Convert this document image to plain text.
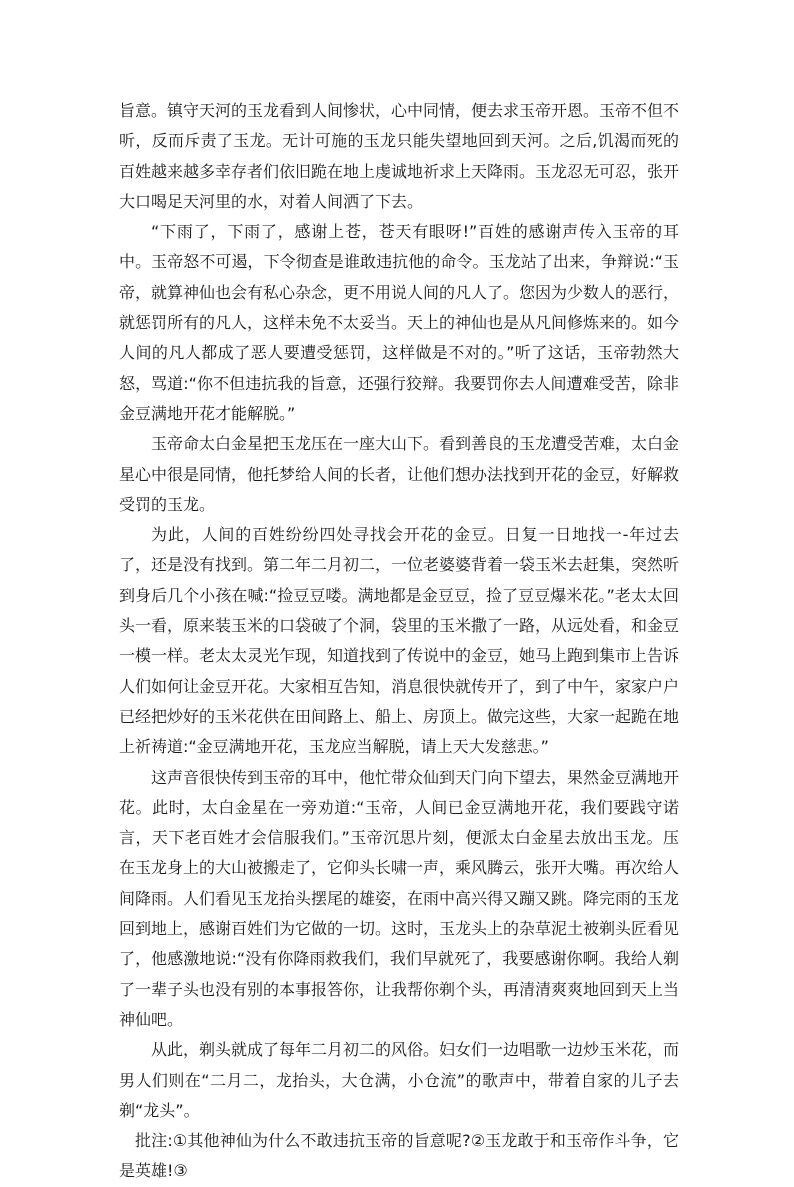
旨意。镇守天河的玉龙看到人间惨状，心中同情，便去求玉帝开恩。玉帝不但不听，反而斥责了玉龙。无计可施的玉龙只能失望地回到天河。之后,饥渴而死的百姓越来越多幸存者们依旧跪在地上虔诚地祈求上天降雨。玉龙忍无可忍，张开大口喝足天河里的水，对着人间洒了下去。

“下雨了，下雨了，感谢上苍，苍天有眼呀!”百姓的感谢声传入玉帝的耳中。玉帝怒不可遏，下令彻查是谁敢违抗他的命令。玉龙站了出来，争辩说:“玉帝，就算神仙也会有私心杂念，更不用说人间的凡人了。您因为少数人的恶行，就惩罚所有的凡人，这样未免不太妥当。天上的神仙也是从凡间修炼来的。如今人间的凡人都成了恶人要遭受惩罚，这样做是不对的。”听了这话，玉帝勃然大怒，骂道:“你不但违抗我的旨意，还强行狡辩。我要罚你去人间遭难受苦，除非金豆满地开花才能解脱。”

玉帝命太白金星把玉龙压在一座大山下。看到善良的玉龙遭受苦难，太白金星心中很是同情，他托梦给人间的长者，让他们想办法找到开花的金豆，好解救受罚的玉龙。

为此，人间的百姓纷纷四处寻找会开花的金豆。日复一日地找一-年过去了，还是没有找到。第二年二月初二，一位老婆婆背着一袋玉米去赶集，突然听到身后几个小孩在喊:“捡豆豆喽。满地都是金豆豆，捡了豆豆爆米花。”老太太回头一看，原来装玉米的口袋破了个洞，袋里的玉米撒了一路，从远处看，和金豆一模一样。老太太灵光乍现，知道找到了传说中的金豆，她马上跑到集市上告诉人们如何让金豆开花。大家相互告知，消息很快就传开了，到了中午，家家户户已经把炒好的玉米花供在田间路上、船上、房顶上。做完这些，大家一起跪在地上祈祷道:“金豆满地开花，玉龙应当解脱，请上天大发慈悲。”

这声音很快传到玉帝的耳中，他忙带众仙到天门向下望去，果然金豆满地开花。此时，太白金星在一旁劝道:“玉帝，人间已金豆满地开花，我们要践守诺言，天下老百姓才会信服我们。”玉帝沉思片刻，便派太白金星去放出玉龙。压在玉龙身上的大山被搬走了，它仰头长啸一声，乘风腾云，张开大嘴。再次给人间降雨。人们看见玉龙抬头摆尾的雄姿，在雨中高兴得又蹦又跳。降完雨的玉龙回到地上，感谢百姓们为它做的一切。这时，玉龙头上的杂草泥土被剃头匠看见了，他感激地说:“没有你降雨救我们，我们早就死了，我要感谢你啊。我给人剃了一辈子头也没有别的本事报答你，让我帮你剃个头，再清清爽爽地回到天上当神仙吧。

从此，剃头就成了每年二月初二的风俗。妇女们一边唱歌一边炒玉米花，而男人们则在“二月二，龙抬头，大仓满，小仓流”的歌声中，带着自家的儿子去剃“龙头”。

批注:①其他神仙为什么不敢违抗玉帝的旨意呢?②玉龙敢于和玉帝作斗争，它是英雄!③
